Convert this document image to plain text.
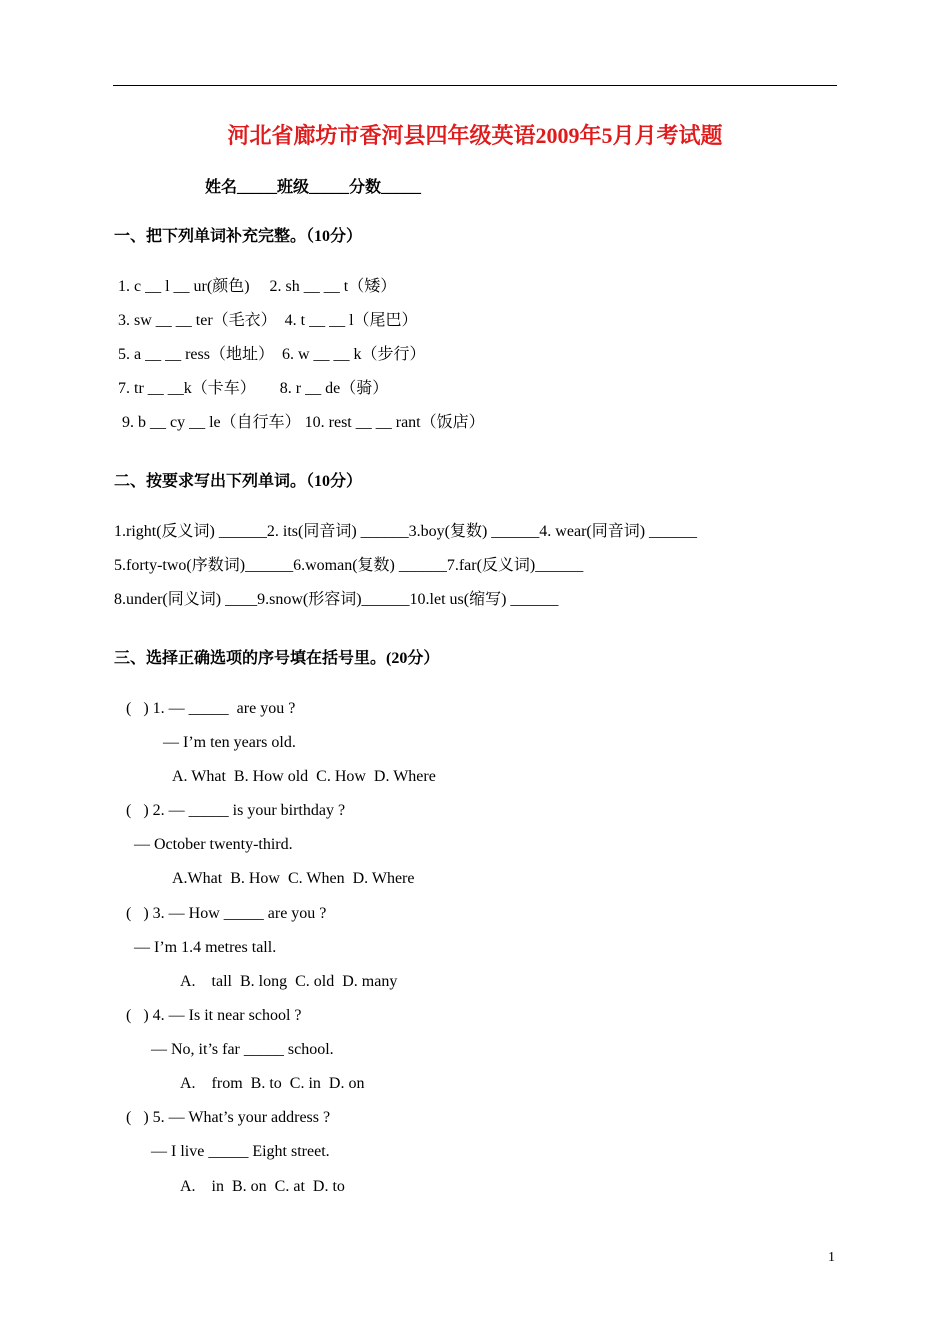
河北省廊坊市香河县四年级英语2009年5月月考试题
姓名_____班级_____分数_____
一、把下列单词补充完整。（10分）
1. c __ l __ ur(颜色)     2. sh __ __ t（矮）
3. sw __ __ ter（毛衣）  4. t __ __ l（尾巴）
5. a __ __ ress（地址）  6. w __ __ k（步行）
7. tr __ __k（卡车）      8. r __ de（骑）
9. b __ cy __ le（自行车） 10. rest __ __ rant（饭店）
二、按要求写出下列单词。（10分）
1.right(反义词) ______2. its(同音词) ______3.boy(复数) ______4. wear(同音词) ______
5.forty-two(序数词)______6.woman(复数) ______7.far(反义词)______
8.under(同义词) ____9.snow(形容词)______10.let us(缩写) ______
三、选择正确选项的序号填在括号里。(20分）
(   ) 1. — _____  are you ?
— I’m ten years old.
A. What  B. How old  C. How  D. Where
(   ) 2. — _____ is your birthday ?
— October twenty-third.
A.What  B. How  C. When  D. Where
(   ) 3. — How _____ are you ?
— I’m 1.4 metres tall.
A.    tall  B. long  C. old  D. many
(   ) 4. — Is it near school ?
— No, it’s far _____ school.
A.    from  B. to  C. in  D. on
(   ) 5. — What’s your address ?
— I live _____ Eight street.
A.    in  B. on  C. at  D. to
1
